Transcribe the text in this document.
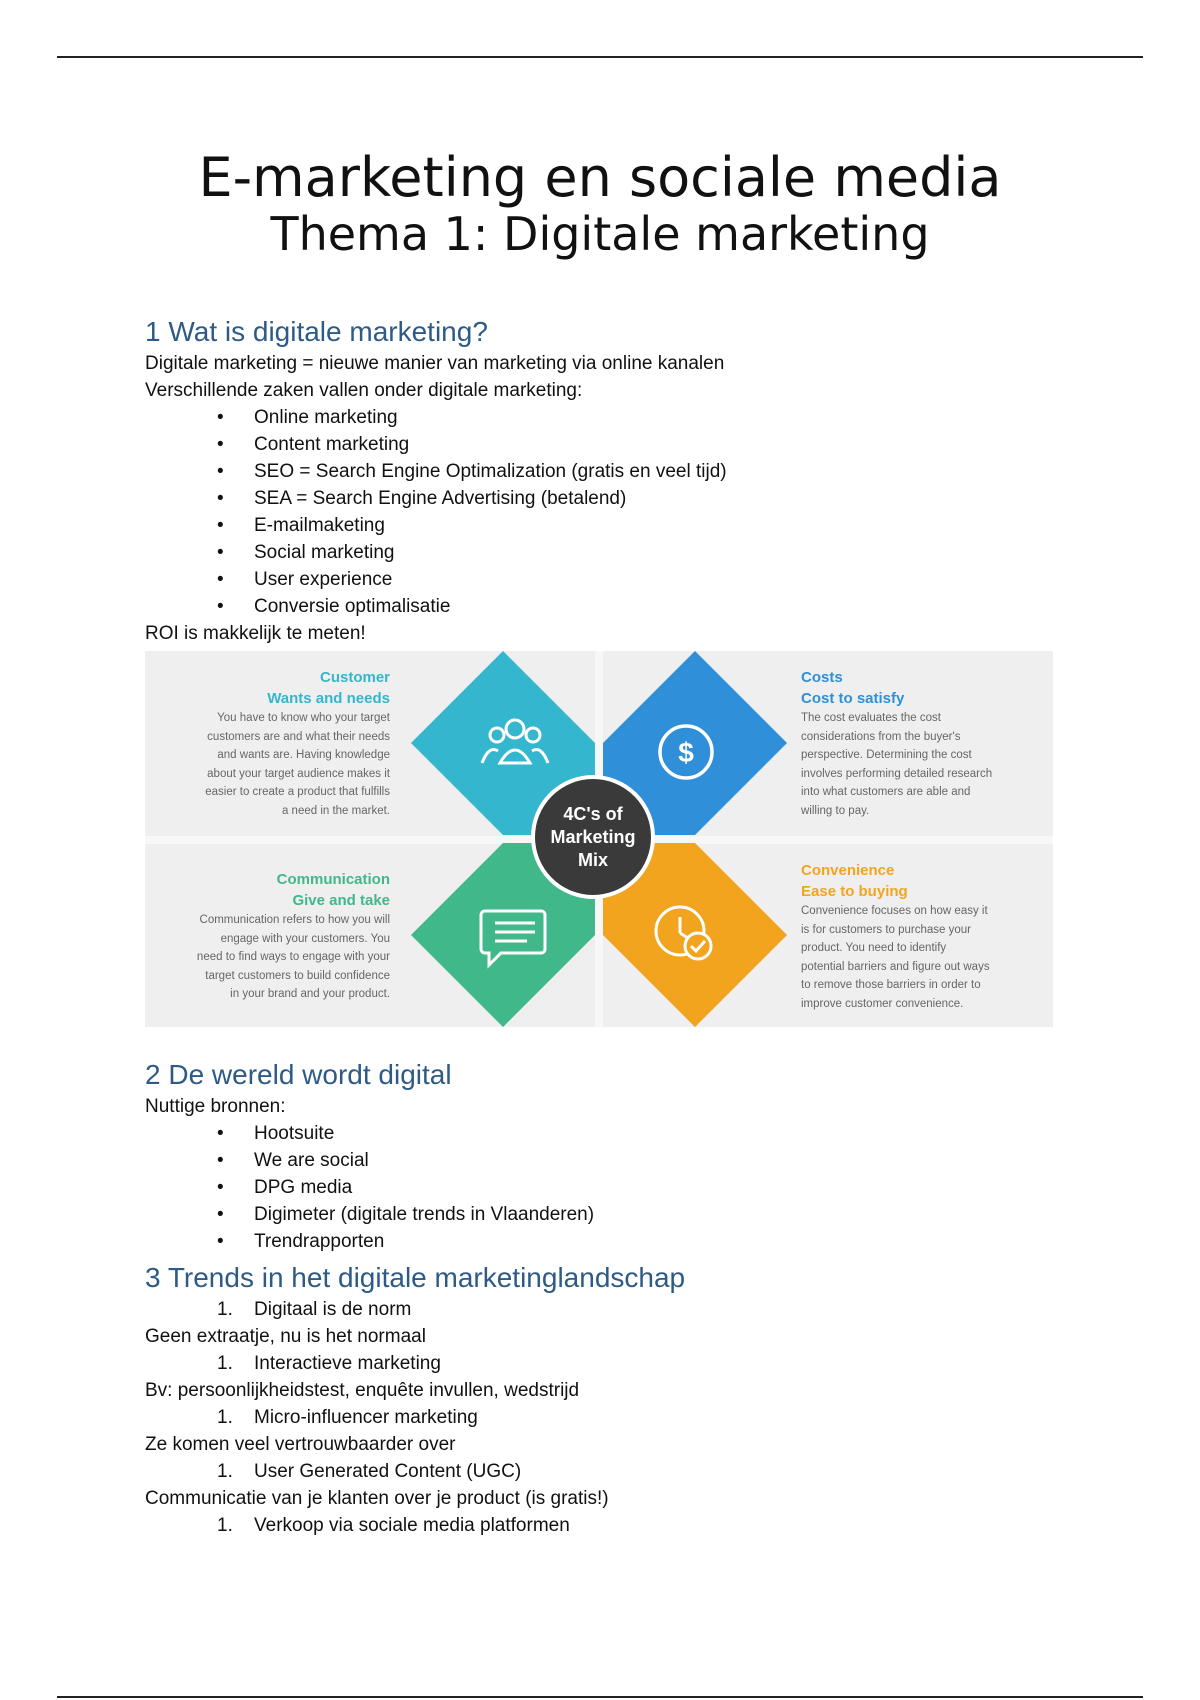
E-marketing en sociale media
Thema 1: Digitale marketing
1 Wat is digitale marketing?

Digitale marketing = nieuwe manier van marketing via online kanalen

Verschillende zaken vallen onder digitale marketing:

• Online marketing
• Content marketing
• SEO = Search Engine Optimalization (gratis en veel tijd)
• SEA = Search Engine Advertising (betalend)
• E-mailmaketing
• Social marketing
• User experience
• Conversie optimalisatie

ROI is makkelijk te meten!

$
4C's of
Marketing
Mix
Customer
Wants and needs
You have to know who your target
customers are and what their needs
and wants are. Having knowledge
about your target audience makes it
easier to create a product that fulfills
a need in the market.
Costs
Cost to satisfy
The cost evaluates the cost
considerations from the buyer's
perspective. Determining the cost
involves performing detailed research
into what customers are able and
willing to pay.
Communication
Give and take
Communication refers to how you will
engage with your customers. You
need to find ways to engage with your
target customers to build confidence
in your brand and your product.
Convenience
Ease to buying
Convenience focuses on how easy it
is for customers to purchase your
product. You need to identify
potential barriers and figure out ways
to remove those barriers in order to
improve customer convenience.
2 De wereld wordt digital

Nuttige bronnen:

• Hootsuite
• We are social
• DPG media
• Digimeter (digitale trends in Vlaanderen)
• Trendrapporten
3 Trends in het digitale marketinglandschap
1. Digitaal is de norm

Geen extraatje, nu is het normaal

1. Interactieve marketing

Bv: persoonlijkheidstest, enquête invullen, wedstrijd

1. Micro-influencer marketing

Ze komen veel vertrouwbaarder over

1. User Generated Content (UGC)

Communicatie van je klanten over je product (is gratis!)

1. Verkoop via sociale media platformen
